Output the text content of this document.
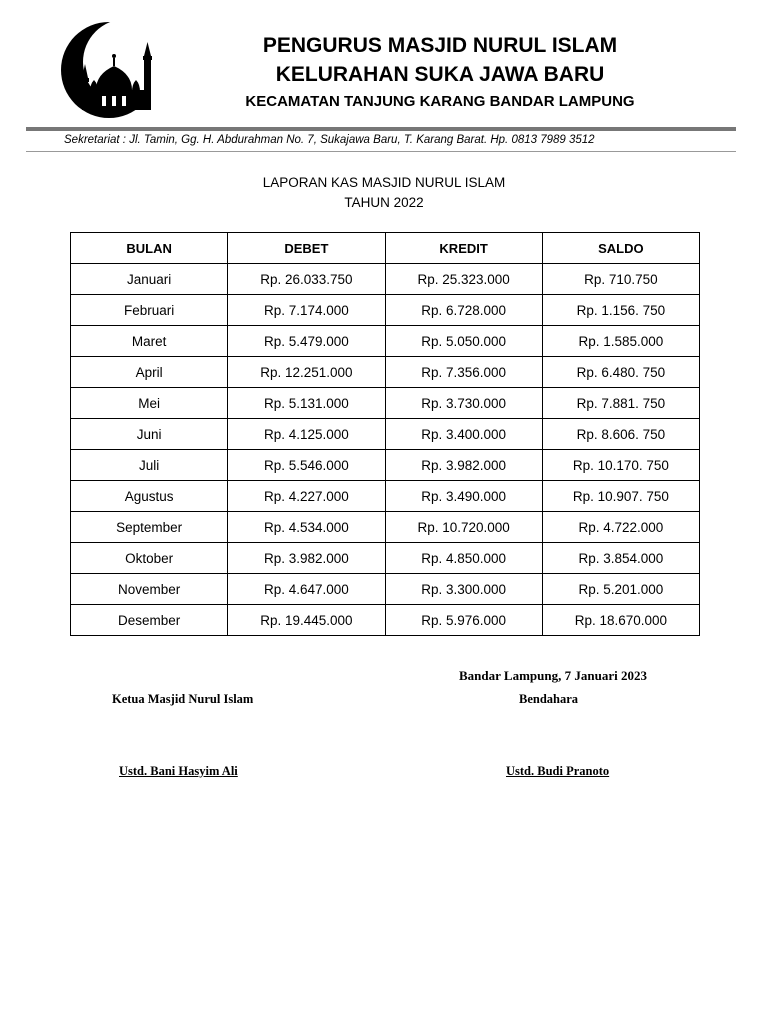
PENGURUS MASJID NURUL ISLAM
KELURAHAN SUKA JAWA BARU
KECAMATAN TANJUNG KARANG BANDAR LAMPUNG
Sekretariat : Jl. Tamin, Gg. H. Abdurahman No. 7, Sukajawa Baru, T. Karang Barat. Hp. 0813 7989 3512
LAPORAN KAS MASJID NURUL ISLAM
TAHUN 2022
BULAN	DEBET	KREDIT	SALDO
Januari	Rp. 26.033.750	Rp. 25.323.000	Rp. 710.750
Februari	Rp. 7.174.000	Rp. 6.728.000	Rp. 1.156. 750
Maret	Rp. 5.479.000	Rp. 5.050.000	Rp. 1.585.000
April	Rp. 12.251.000	Rp. 7.356.000	Rp. 6.480. 750
Mei	Rp. 5.131.000	Rp. 3.730.000	Rp. 7.881. 750
Juni	Rp. 4.125.000	Rp. 3.400.000	Rp. 8.606. 750
Juli	Rp. 5.546.000	Rp. 3.982.000	Rp. 10.170. 750
Agustus	Rp. 4.227.000	Rp. 3.490.000	Rp. 10.907. 750
September	Rp. 4.534.000	Rp. 10.720.000	Rp. 4.722.000
Oktober	Rp. 3.982.000	Rp. 4.850.000	Rp. 3.854.000
November	Rp. 4.647.000	Rp. 3.300.000	Rp. 5.201.000
Desember	Rp. 19.445.000	Rp. 5.976.000	Rp. 18.670.000
Bandar Lampung, 7 Januari 2023
Ketua Masjid Nurul Islam	Bendahara
Ustd. Bani Hasyim Ali	Ustd. Budi Pranoto
